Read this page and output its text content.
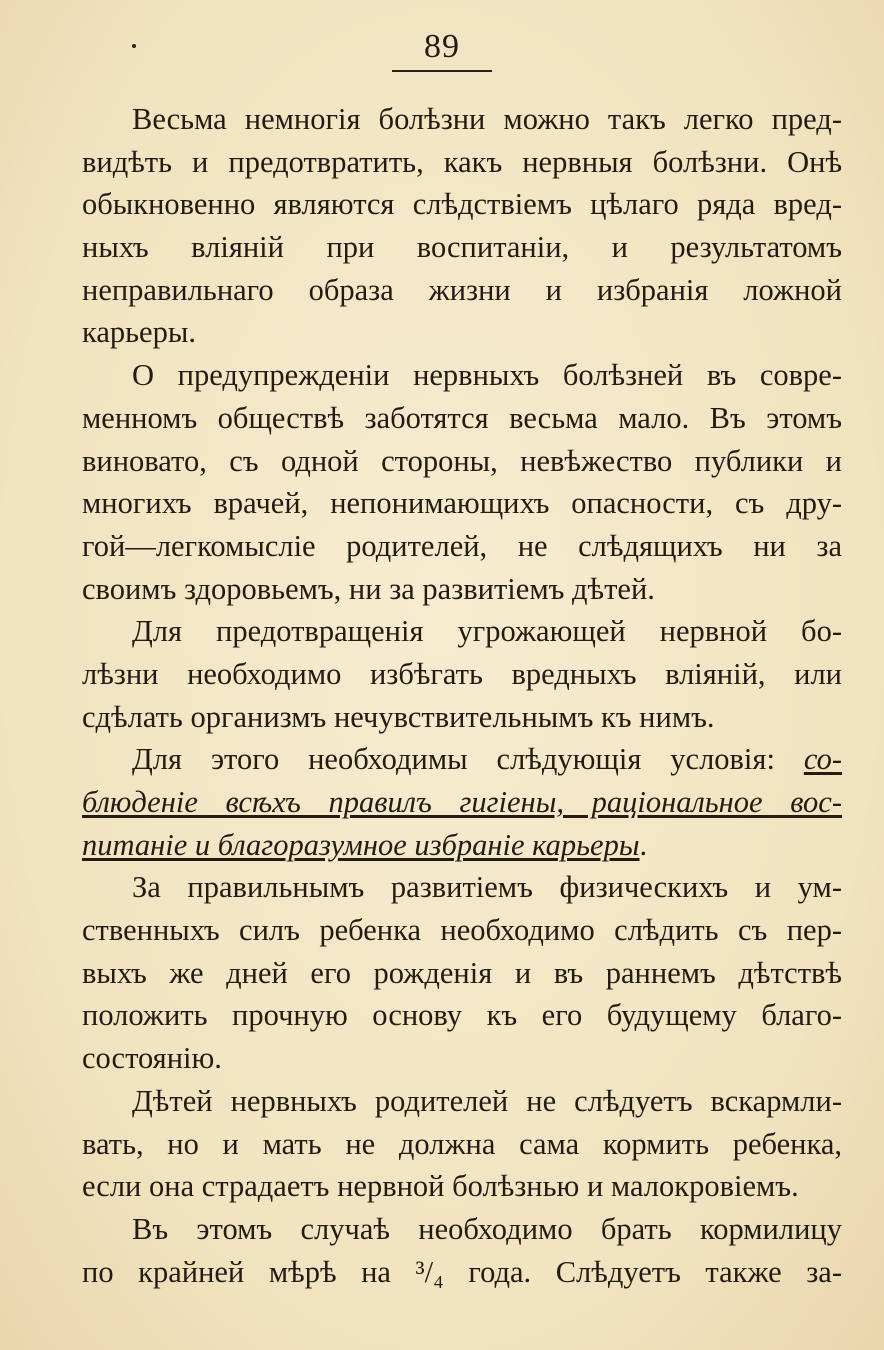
89
Весьма немногія болѣзни можно такъ легко пред-
видѣть и предотвратить, какъ нервныя болѣзни. Онѣ
обыкновенно являются слѣдствіемъ цѣлаго ряда вред-
ныхъ вліяній при воспитаніи, и результатомъ
неправильнаго образа жизни и избранія ложной
карьеры.
О предупрежденіи нервныхъ болѣзней въ совре-
менномъ обществѣ заботятся весьма мало. Въ этомъ
виновато, съ одной стороны, невѣжество публики и
многихъ врачей, непонимающихъ опасности, съ дру-
гой—легкомысліе родителей, не слѣдящихъ ни за
своимъ здоровьемъ, ни за развитіемъ дѣтей.
Для предотвращенія угрожающей нервной бо-
лѣзни необходимо избѣгать вредныхъ вліяній, или
сдѣлать организмъ нечувствительнымъ къ нимъ.
Для этого необходимы слѣдующія условія: со-
блюденіе всѣхъ правилъ гигіены, раціональное вос-
питаніе и благоразумное избраніе карьеры.
За правильнымъ развитіемъ физическихъ и ум-
ственныхъ силъ ребенка необходимо слѣдить съ пер-
выхъ же дней его рожденія и въ раннемъ дѣтствѣ
положить прочную основу къ его будущему благо-
состоянію.
Дѣтей нервныхъ родителей не слѣдуетъ вскармли-
вать, но и мать не должна сама кормить ребенка,
если она страдаетъ нервной болѣзнью и малокровіемъ.
Въ этомъ случаѣ необходимо брать кормилицу
по крайней мѣрѣ на ³/₄ года. Слѣдуетъ также за-
